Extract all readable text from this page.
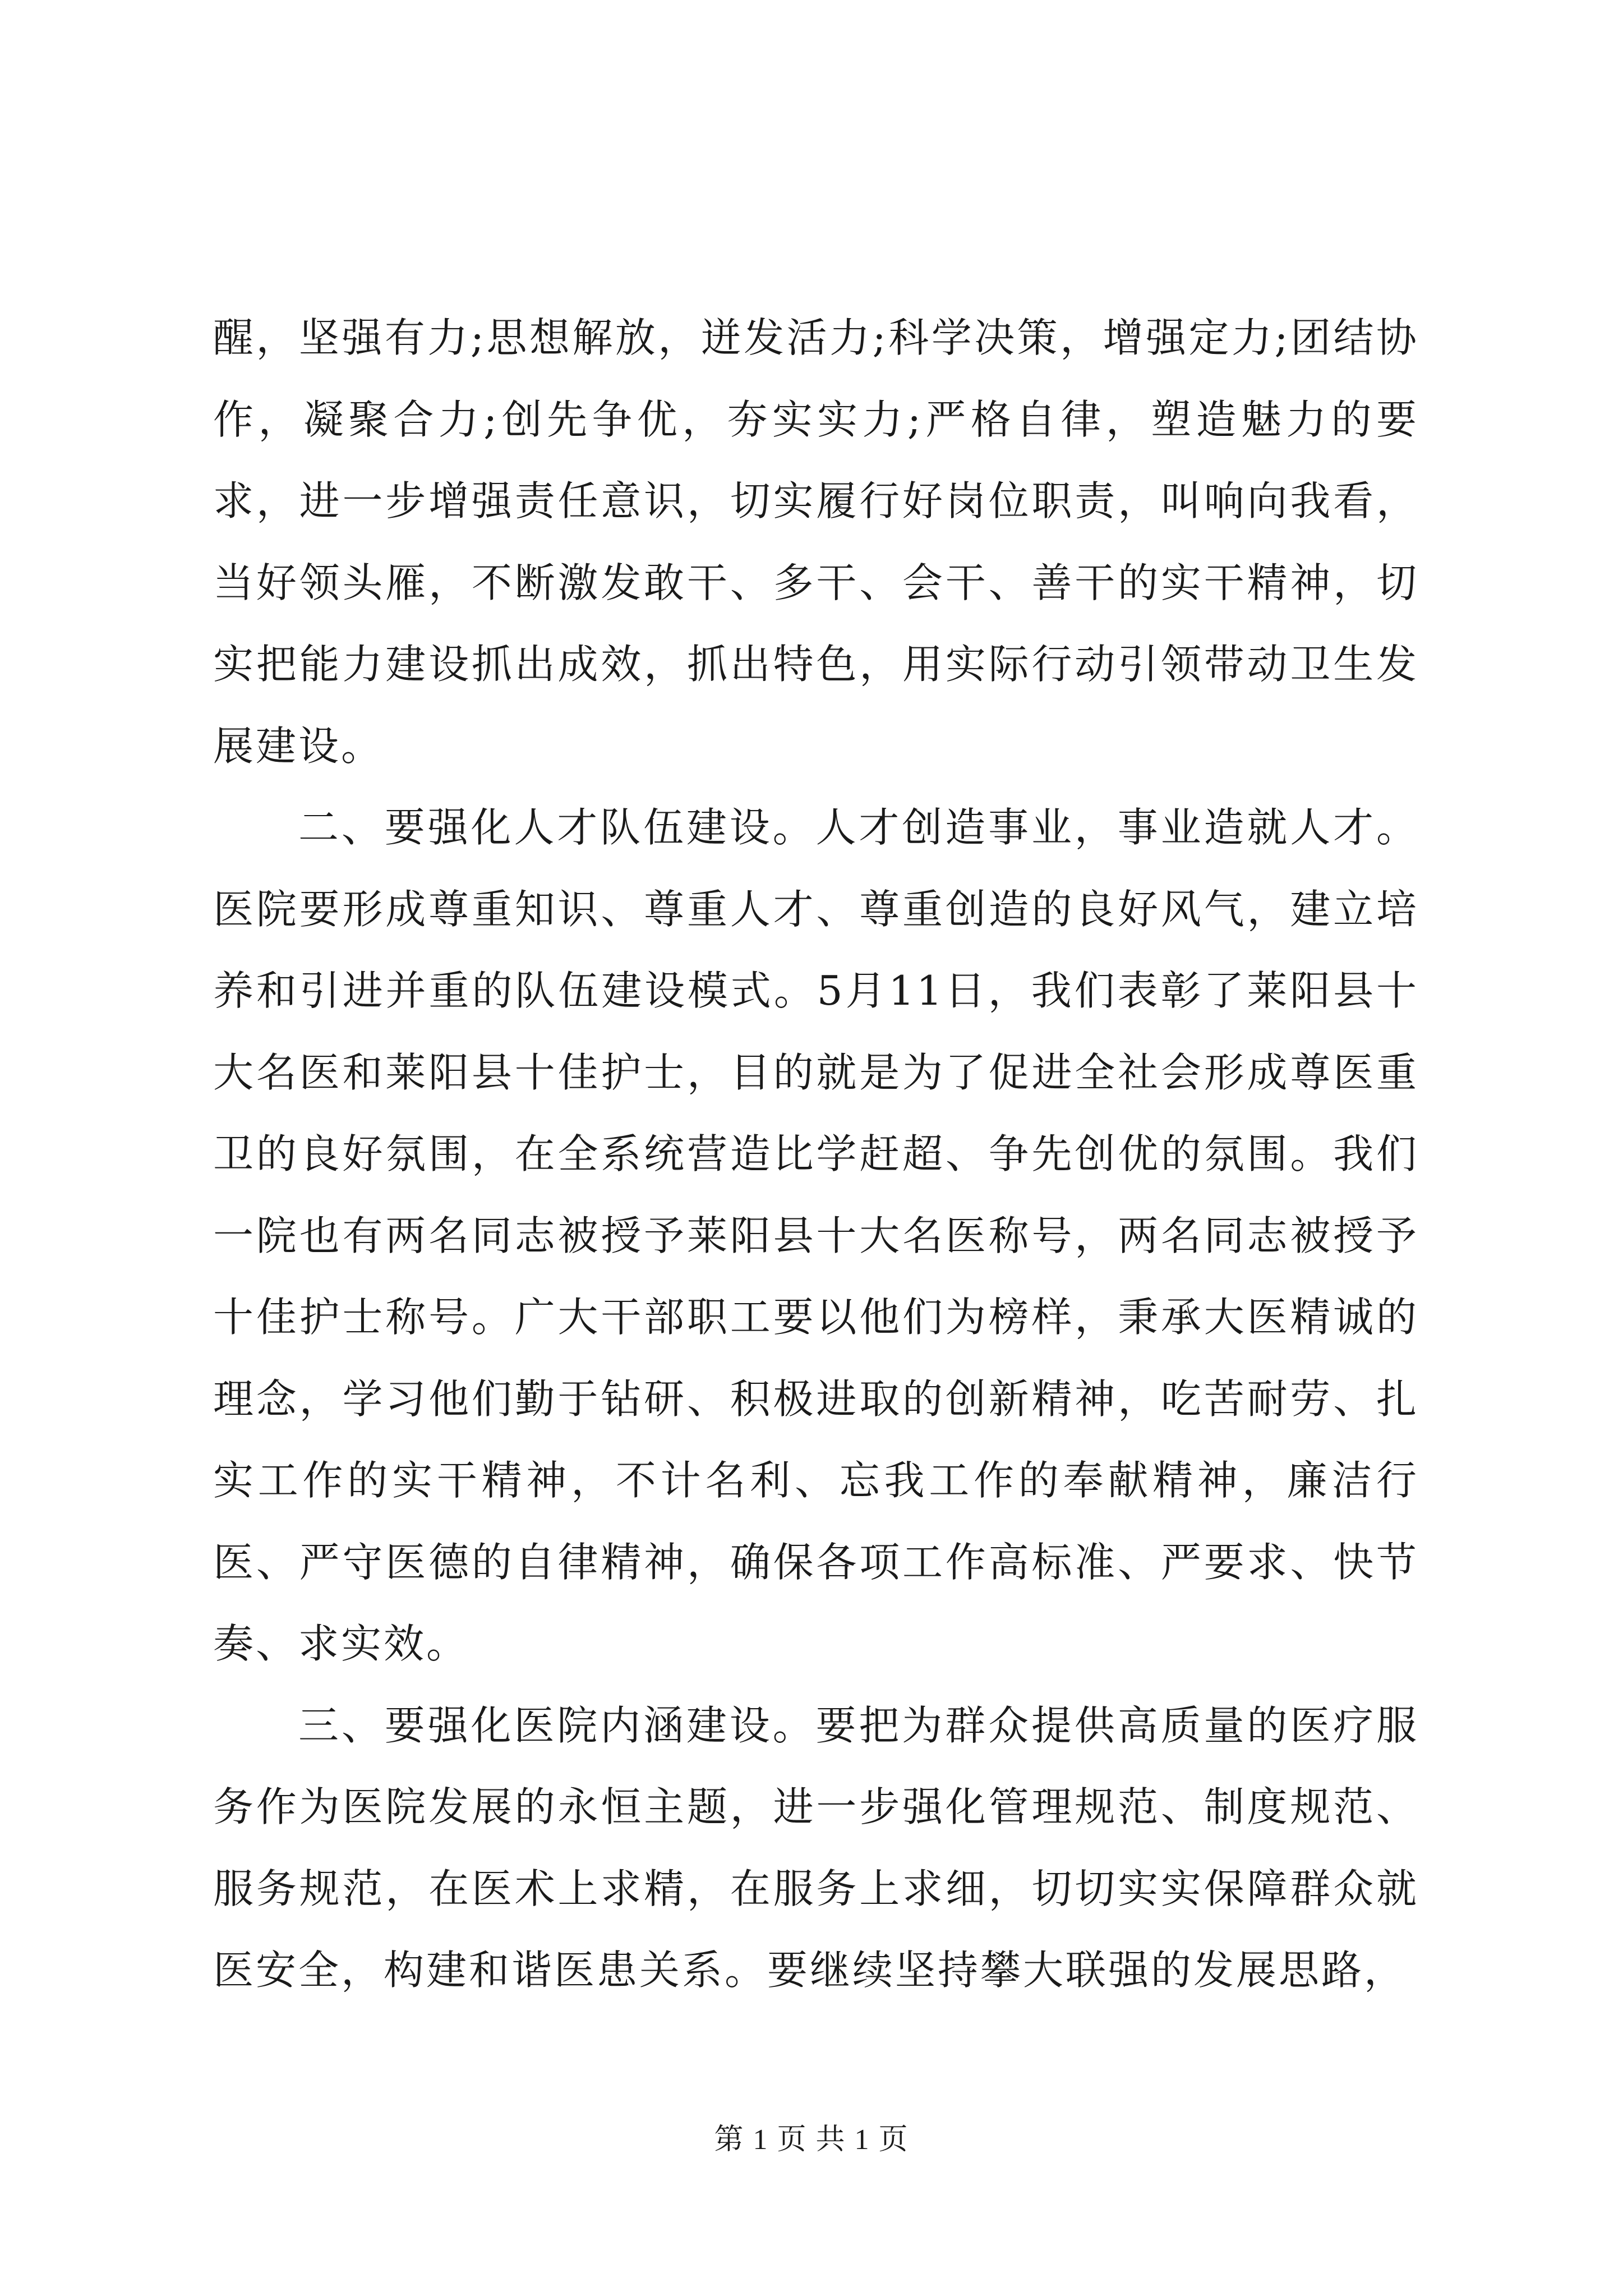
醒，坚强有力;思想解放，迸发活力;科学决策，增强定力;团结协作，凝聚合力;创先争优，夯实实力;严格自律，塑造魅力的要求，进一步增强责任意识，切实履行好岗位职责，叫响向我看，当好领头雁，不断激发敢干、多干、会干、善干的实干精神，切实把能力建设抓出成效，抓出特色，用实际行动引领带动卫生发展建设。

二、要强化人才队伍建设。人才创造事业，事业造就人才。医院要形成尊重知识、尊重人才、尊重创造的良好风气，建立培养和引进并重的队伍建设模式。5月11日，我们表彰了莱阳县十大名医和莱阳县十佳护士，目的就是为了促进全社会形成尊医重卫的良好氛围，在全系统营造比学赶超、争先创优的氛围。我们一院也有两名同志被授予莱阳县十大名医称号，两名同志被授予十佳护士称号。广大干部职工要以他们为榜样，秉承大医精诚的理念，学习他们勤于钻研、积极进取的创新精神，吃苦耐劳、扎实工作的实干精神，不计名利、忘我工作的奉献精神，廉洁行医、严守医德的自律精神，确保各项工作高标准、严要求、快节奏、求实效。

三、要强化医院内涵建设。要把为群众提供高质量的医疗服务作为医院发展的永恒主题，进一步强化管理规范、制度规范、服务规范，在医术上求精，在服务上求细，切切实实保障群众就医安全，构建和谐医患关系。要继续坚持攀大联强的发展思路，

第 1 页 共 1 页
